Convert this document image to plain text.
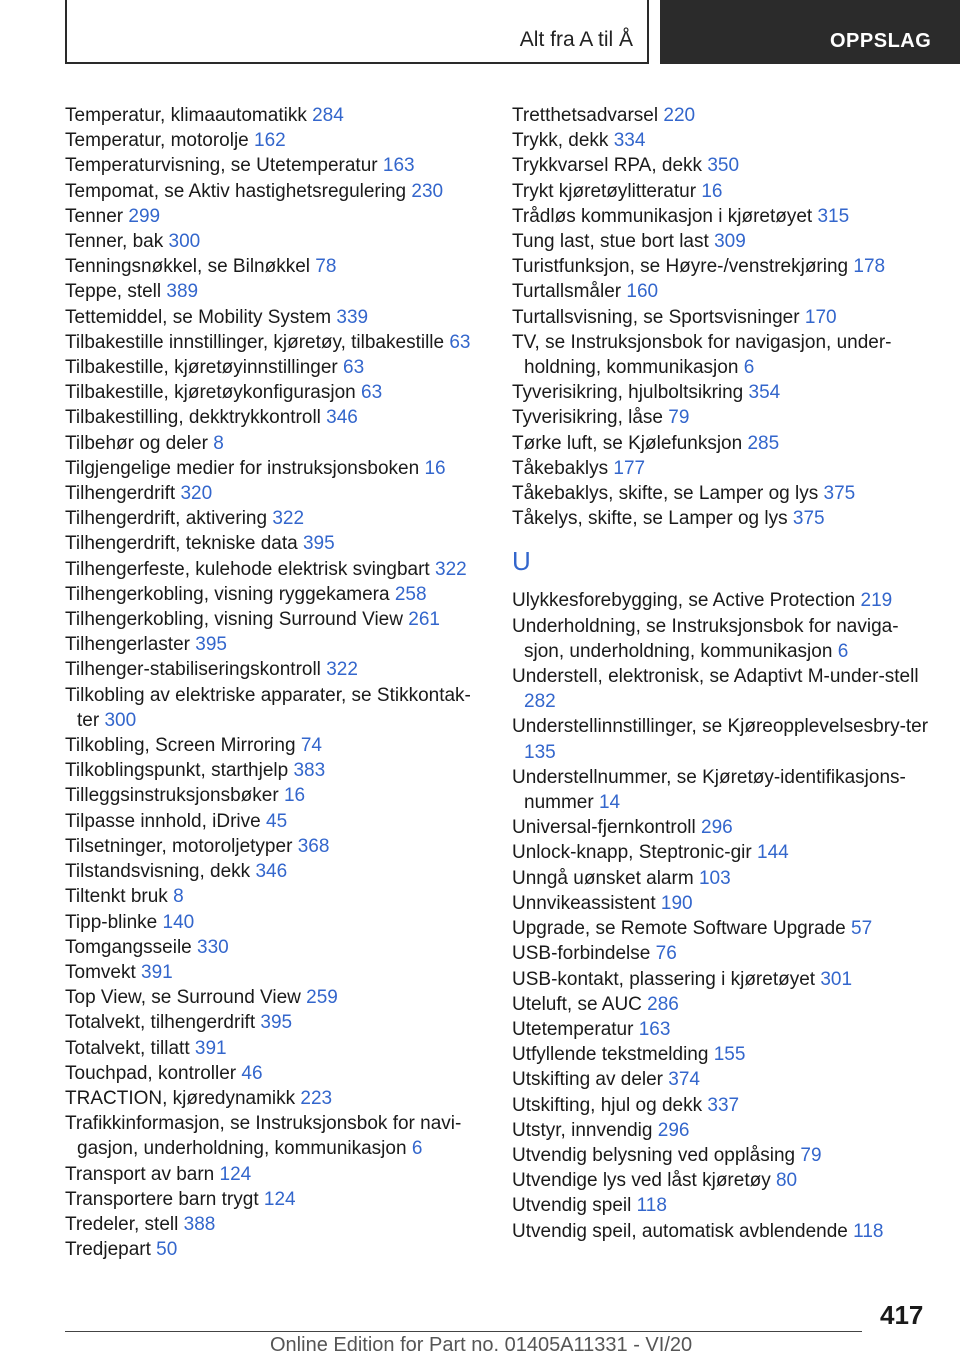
Alt fra A til Å	OPPSLAG
Temperatur, klimaautomatikk 284
Temperatur, motorolje 162
Temperaturvisning, se Utetemperatur 163
Tempomat, se Aktiv hastighetsregulering 230
Tenner 299
Tenner, bak 300
Tenningsnøkkel, se Bilnøkkel 78
Teppe, stell 389
Tettemiddel, se Mobility System 339
Tilbakestille innstillinger, kjøretøy, tilbakestille 63
Tilbakestille, kjøretøyinnstillinger 63
Tilbakestille, kjøretøykonfigurasjon 63
Tilbakestilling, dekktrykkontroll 346
Tilbehør og deler 8
Tilgjengelige medier for instruksjonsboken 16
Tilhengerdrift 320
Tilhengerdrift, aktivering 322
Tilhengerdrift, tekniske data 395
Tilhengerfeste, kulehode elektrisk svingbart 322
Tilhengerkobling, visning ryggekamera 258
Tilhengerkobling, visning Surround View 261
Tilhengerlaster 395
Tilhenger-stabiliseringskontroll 322
Tilkobling av elektriske apparater, se Stikkontak‐ter 300
Tilkobling, Screen Mirroring 74
Tilkoblingspunkt, starthjelp 383
Tilleggsinstruksjonsbøker 16
Tilpasse innhold, iDrive 45
Tilsetninger, motoroljetyper 368
Tilstandsvisning, dekk 346
Tiltenkt bruk 8
Tipp-blinke 140
Tomgangsseile 330
Tomvekt 391
Top View, se Surround View 259
Totalvekt, tilhengerdrift 395
Totalvekt, tillatt 391
Touchpad, kontroller 46
TRACTION, kjøredynamikk 223
Trafikkinformasjon, se Instruksjonsbok for navi‐gasjon, underholdning, kommunikasjon 6
Transport av barn 124
Transportere barn trygt 124
Tredeler, stell 388
Tredjepart 50
Tretthetsadvarsel 220
Trykk, dekk 334
Trykkvarsel RPA, dekk 350
Trykt kjøretøylitteratur 16
Trådløs kommunikasjon i kjøretøyet 315
Tung last, stue bort last 309
Turistfunksjon, se Høyre-/venstrekjøring 178
Turtallsmåler 160
Turtallsvisning, se Sportsvisninger 170
TV, se Instruksjonsbok for navigasjon, under‐holdning, kommunikasjon 6
Tyverisikring, hjulboltsikring 354
Tyverisikring, låse 79
Tørke luft, se Kjølefunksjon 285
Tåkebaklys 177
Tåkebaklys, skifte, se Lamper og lys 375
Tåkelys, skifte, se Lamper og lys 375
U
Ulykkesforebygging, se Active Protection 219
Underholdning, se Instruksjonsbok for naviga‐sjon, underholdning, kommunikasjon 6
Understell, elektronisk, se Adaptivt M-under‐stell 282
Understellinnstillinger, se Kjøreopplevelsesbry‐ter 135
Understellnummer, se Kjøretøy-identifikasjons‐nummer 14
Universal-fjernkontroll 296
Unlock-knapp, Steptronic-gir 144
Unngå uønsket alarm 103
Unnvikeassistent 190
Upgrade, se Remote Software Upgrade 57
USB-forbindelse 76
USB-kontakt, plassering i kjøretøyet 301
Uteluft, se AUC 286
Utetemperatur 163
Utfyllende tekstmelding 155
Utskifting av deler 374
Utskifting, hjul og dekk 337
Utstyr, innvendig 296
Utvendig belysning ved opplåsing 79
Utvendige lys ved låst kjøretøy 80
Utvendig speil 118
Utvendig speil, automatisk avblendende 118
417
Online Edition for Part no. 01405A11331 - VI/20
